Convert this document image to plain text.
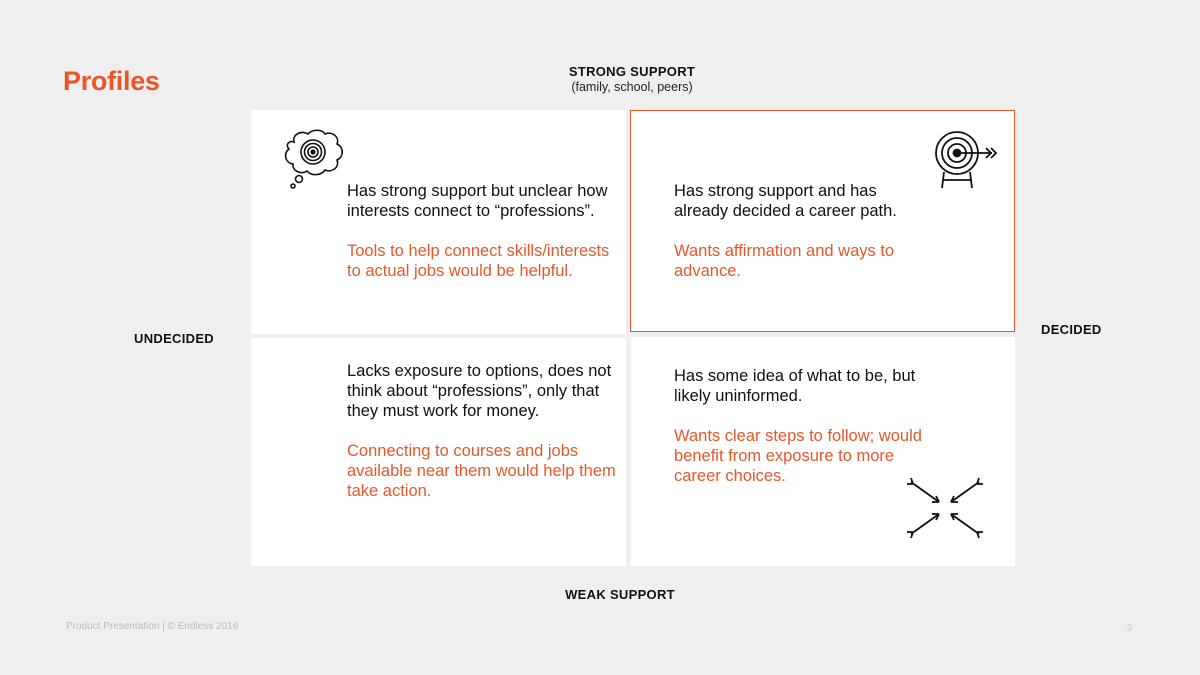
Profiles	STRONG SUPPORT
(family, school, peers)
WEAK SUPPORT
UNDECIDED
DECIDED

Has strong support but unclear how interests connect to “professions”.

Tools to help connect skills/interests to actual jobs would be helpful.

Has strong support and has already decided a career path.

Wants affirmation and ways to advance.

Lacks exposure to options, does not think about “professions”, only that they must work for money.

Connecting to courses and jobs available near them would help them take action.

Has some idea of what to be, but likely uninformed.

Wants clear steps to follow; would benefit from exposure to more career choices.

Product Presentation | © Endless 2016	9
